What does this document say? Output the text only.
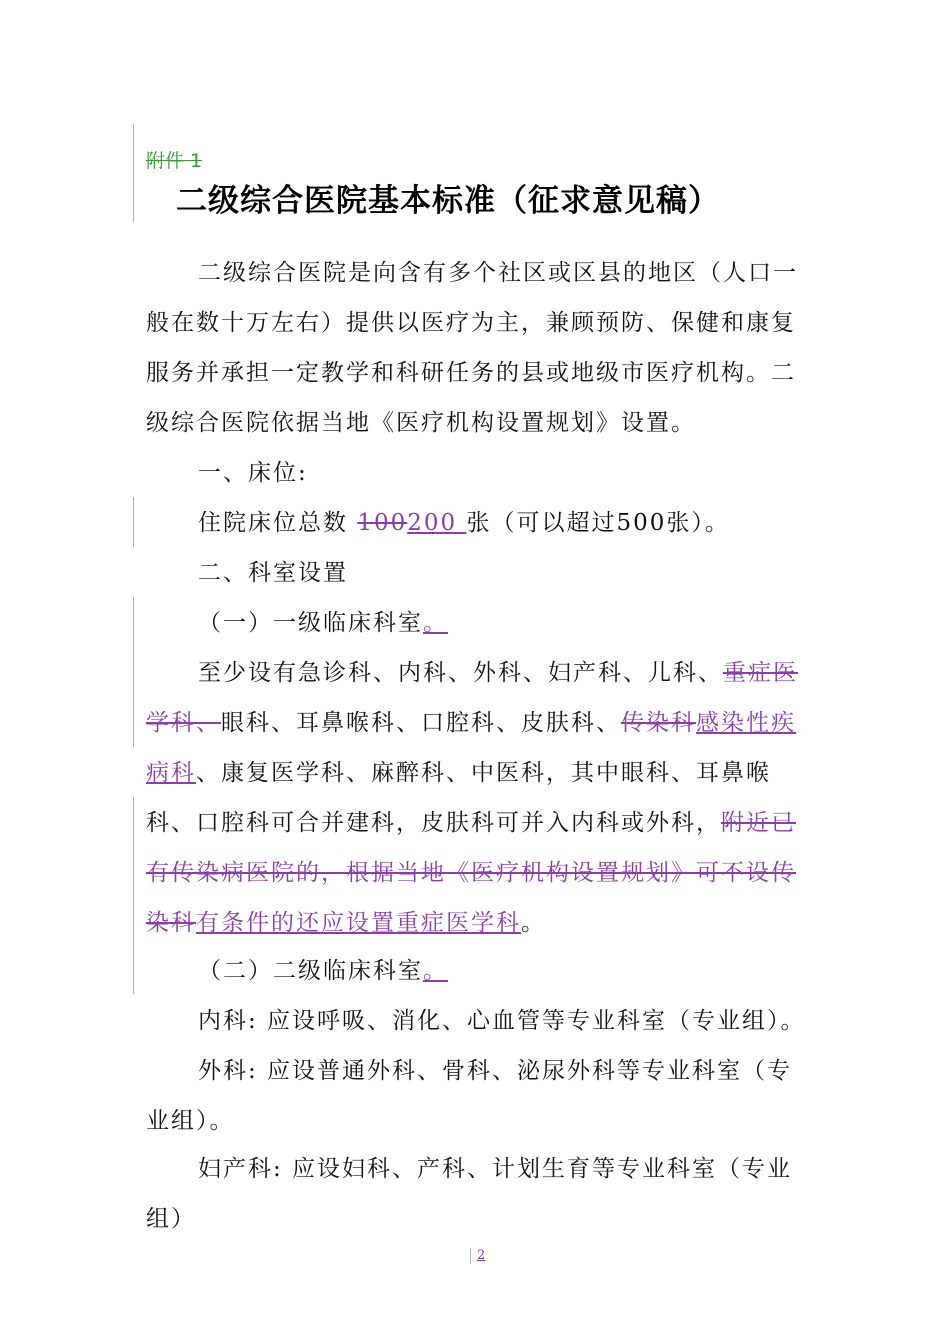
附件 1
二级综合医院基本标准（征求意见稿）
二级综合医院是向含有多个社区或区县的地区（人口一般在数十万左右）提供以医疗为主，兼顾预防、保健和康复服务并承担一定教学和科研任务的县或地级市医疗机构。二级综合医院依据当地《医疗机构设置规划》设置。
一、床位:
住院床位总数 100200 张（可以超过500张）。
二、科室设置
（一）一级临床科室。
至少设有急诊科、内科、外科、妇产科、儿科、重症医学科、眼科、耳鼻喉科、口腔科、皮肤科、传染科感染性疾病科、康复医学科、麻醉科、中医科，其中眼科、耳鼻喉科、口腔科可合并建科，皮肤科可并入内科或外科，附近已有传染病医院的，根据当地《医疗机构设置规划》可不设传染科有条件的还应设置重症医学科。
（二）二级临床科室。
内科: 应设呼吸、消化、心血管等专业科室（专业组）。
外科: 应设普通外科、骨科、泌尿外科等专业科室（专业组）。
妇产科: 应设妇科、产科、计划生育等专业科室（专业组）
2
